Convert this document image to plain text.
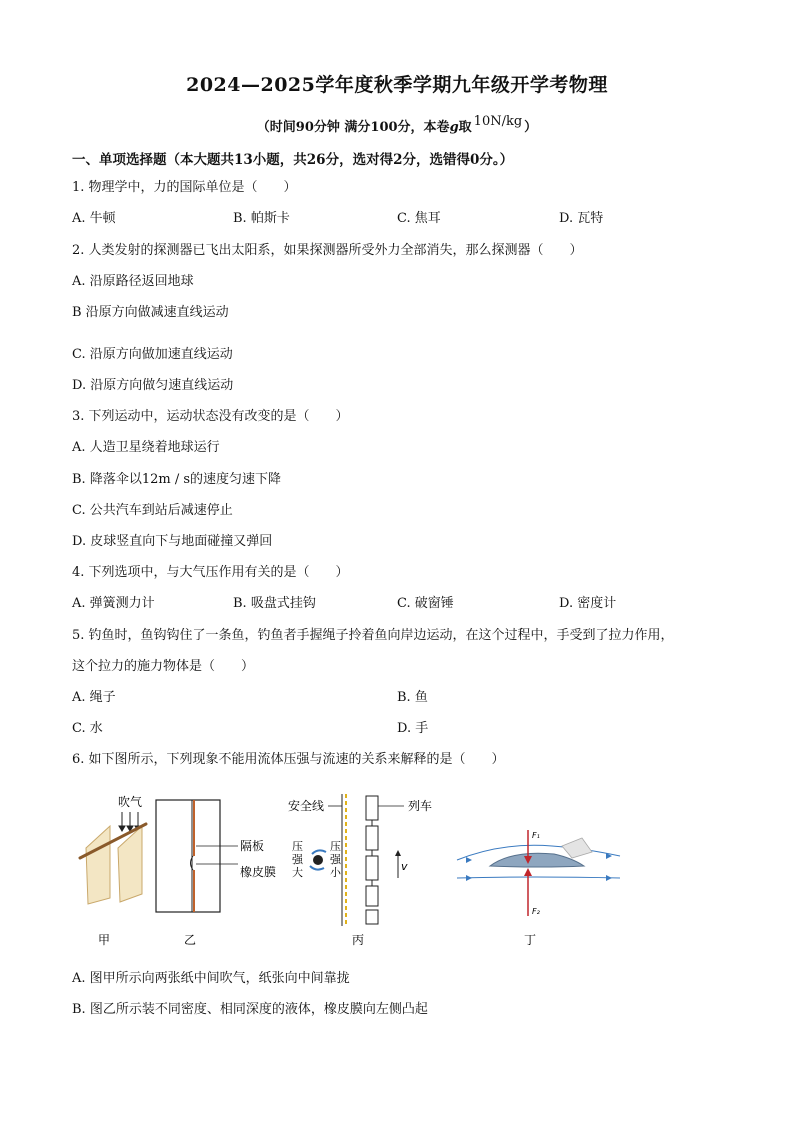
2024—2025学年度秋季学期九年级开学考物理
（时间90分钟 满分100分，本卷g取 10N/kg ）
一、单项选择题（本大题共13小题，共26分，选对得2分，选错得0分。）
1. 物理学中，力的国际单位是（　　）
A. 牛顿	B. 帕斯卡	C. 焦耳	D. 瓦特
2. 人类发射的探测器已飞出太阳系，如果探测器所受外力全部消失，那么探测器（　　）
A. 沿原路径返回地球
B 沿原方向做减速直线运动
C. 沿原方向做加速直线运动
D. 沿原方向做匀速直线运动
3. 下列运动中，运动状态没有改变的是（　　）
A. 人造卫星绕着地球运行
B. 降落伞以12m / s的速度匀速下降
C. 公共汽车到站后减速停止
D. 皮球竖直向下与地面碰撞又弹回
4. 下列选项中，与大气压作用有关的是（　　）
A. 弹簧测力计	B. 吸盘式挂钩	C. 破窗锤	D. 密度计
5. 钓鱼时，鱼钩钩住了一条鱼，钓鱼者手握绳子拎着鱼向岸边运动，在这个过程中，手受到了拉力作用，
这个拉力的施力物体是（　　）
A. 绳子	B. 鱼
C. 水	D. 手
6. 如下图所示，下列现象不能用流体压强与流速的关系来解释的是（　　）
吹气
甲
隔板
橡皮膜
乙
安全线	列车
v
压
强
大
压
强
小
丙
F₁
F₂
丁
A. 图甲所示向两张纸中间吹气，纸张向中间靠拢
B. 图乙所示装不同密度、相同深度的液体，橡皮膜向左侧凸起
